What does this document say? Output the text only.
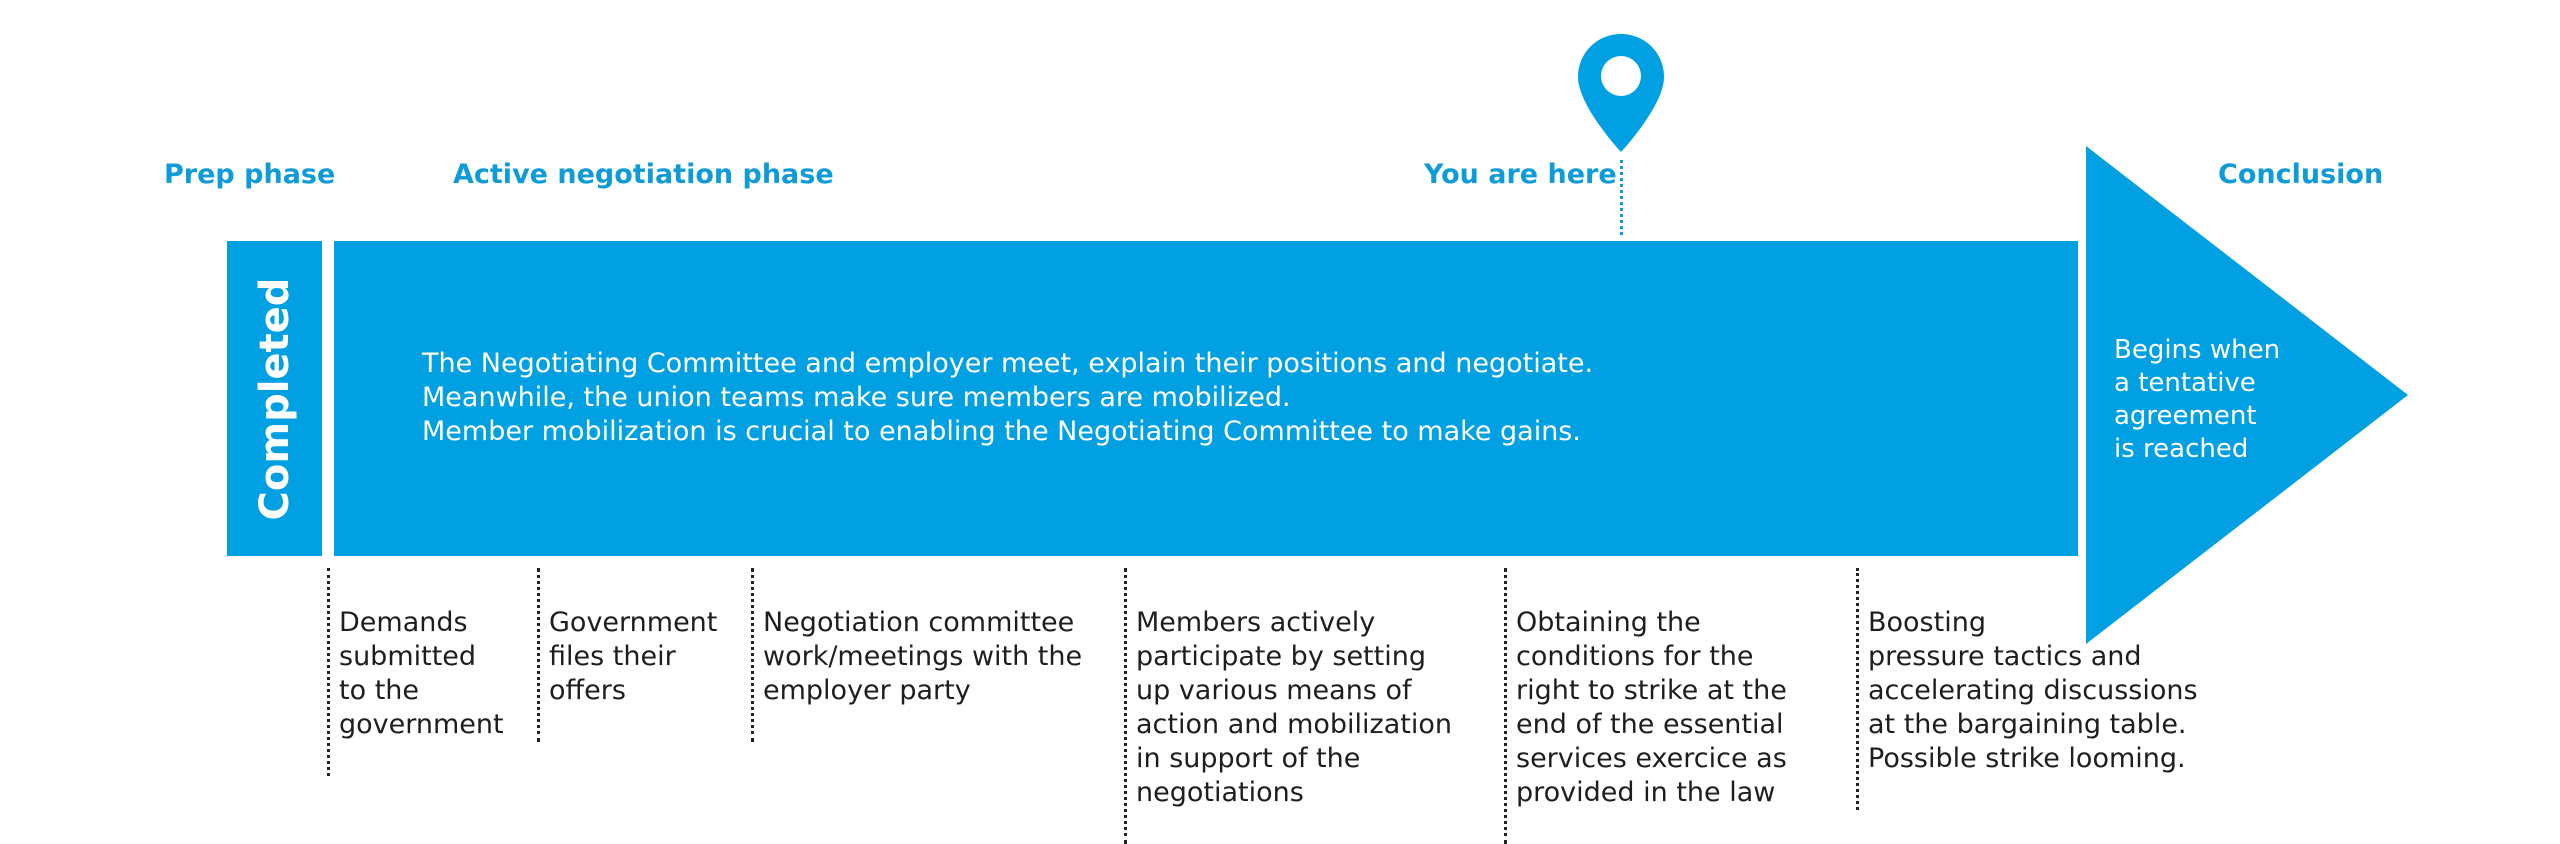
Prep phase	Active negotiation phase	You are here	Conclusion
Completed	The Negotiating Committee and employer meet, explain their positions and negotiate.
Meanwhile, the union teams make sure members are mobilized.
Member mobilization is crucial to enabling the Negotiating Committee to make gains.
Begins when
a tentative
agreement
is reached
Demands
submitted
to the
government
Government
files their
offers
Negotiation committee
work/meetings with the
employer party
Members actively
participate by setting
up various means of
action and mobilization
in support of the
negotiations
Obtaining the
conditions for the
right to strike at the
end of the essential
services exercice as
provided in the law
Boosting
pressure tactics and
accelerating discussions
at the bargaining table.
Possible strike looming.
